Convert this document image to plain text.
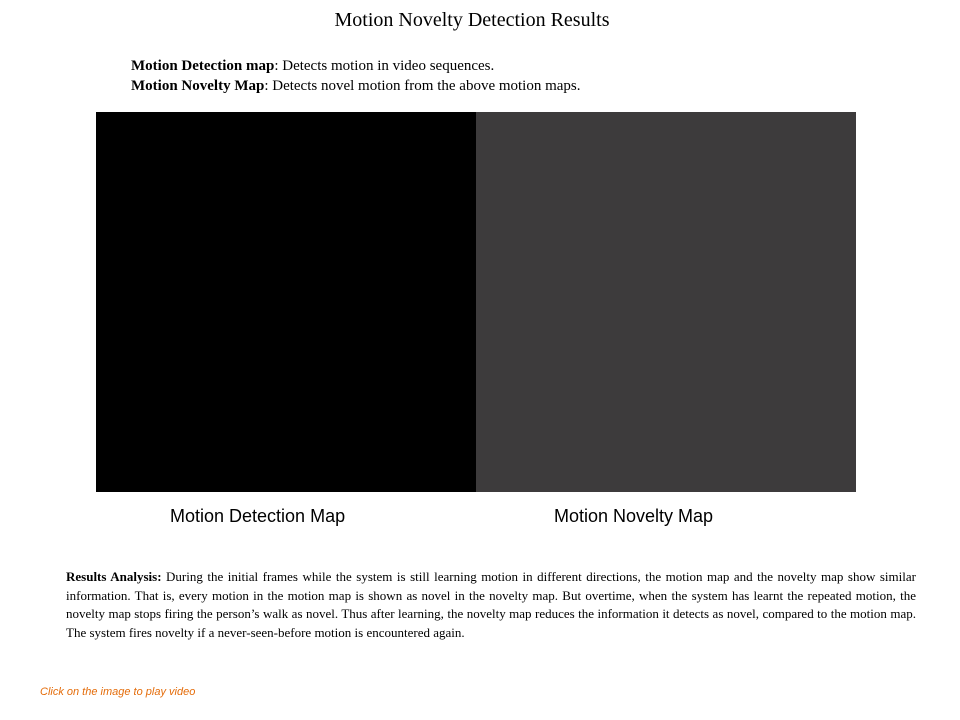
Motion Novelty Detection Results
Motion Detection map: Detects motion in video sequences.
Motion Novelty Map: Detects novel motion from the above motion maps.
Motion Detection Map	Motion Novelty Map
Results Analysis: During the initial frames while the system is still learning motion in different directions, the motion map and the novelty map show similar information. That is, every motion in the motion map is shown as novel in the novelty map. But overtime, when the system has learnt the repeated motion, the novelty map stops firing the person’s walk as novel. Thus after learning, the novelty map reduces the information it detects as novel, compared to the motion map. The system fires novelty if a never-seen-before motion is encountered again.
Click on the image to play video
